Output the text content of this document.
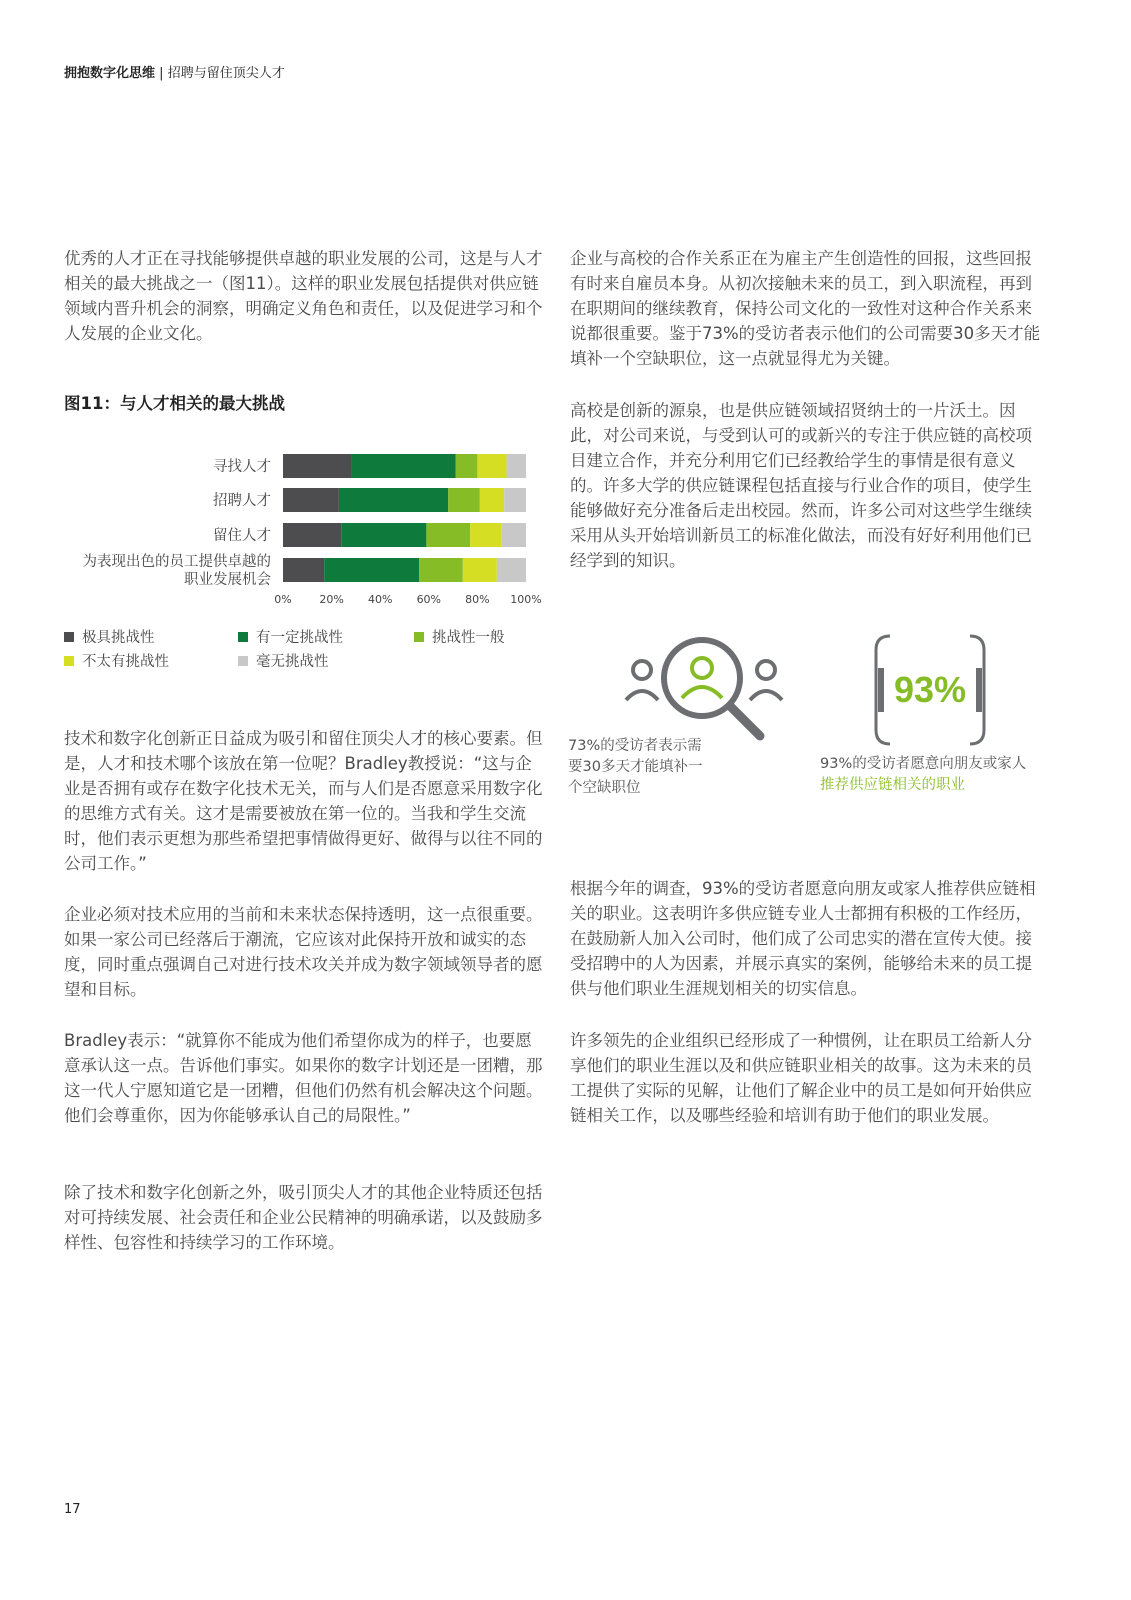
拥抱数字化思维 | 招聘与留住顶尖人才

优秀的人才正在寻找能够提供卓越的职业发展的公司，这是与人才相关的最大挑战之一（图11）。这样的职业发展包括提供对供应链领域内晋升机会的洞察，明确定义角色和责任，以及促进学习和个人发展的企业文化。

技术和数字化创新正日益成为吸引和留住顶尖人才的核心要素。但是，人才和技术哪个该放在第一位呢？Bradley教授说：“这与企业是否拥有或存在数字化技术无关，而与人们是否愿意采用数字化的思维方式有关。这才是需要被放在第一位的。当我和学生交流时，他们表示更想为那些希望把事情做得更好、做得与以往不同的公司工作。”

企业必须对技术应用的当前和未来状态保持透明，这一点很重要。如果一家公司已经落后于潮流，它应该对此保持开放和诚实的态度，同时重点强调自己对进行技术攻关并成为数字领域领导者的愿望和目标。

Bradley表示：“就算你不能成为他们希望你成为的样子，也要愿意承认这一点。告诉他们事实。如果你的数字计划还是一团糟，那这一代人宁愿知道它是一团糟，但他们仍然有机会解决这个问题。他们会尊重你，因为你能够承认自己的局限性。”

除了技术和数字化创新之外，吸引顶尖人才的其他企业特质还包括对可持续发展、社会责任和企业公民精神的明确承诺，以及鼓励多样性、包容性和持续学习的工作环境。

企业与高校的合作关系正在为雇主产生创造性的回报，这些回报有时来自雇员本身。从初次接触未来的员工，到入职流程，再到在职期间的继续教育，保持公司文化的一致性对这种合作关系来说都很重要。鉴于73%的受访者表示他们的公司需要30多天才能填补一个空缺职位，这一点就显得尤为关键。

高校是创新的源泉，也是供应链领域招贤纳士的一片沃土。因此，对公司来说，与受到认可的或新兴的专注于供应链的高校项目建立合作，并充分利用它们已经教给学生的事情是很有意义的。许多大学的供应链课程包括直接与行业合作的项目，使学生能够做好充分准备后走出校园。然而，许多公司对这些学生继续采用从头开始培训新员工的标准化做法，而没有好好利用他们已经学到的知识。

根据今年的调查，93%的受访者愿意向朋友或家人推荐供应链相关的职业。这表明许多供应链专业人士都拥有积极的工作经历，在鼓励新人加入公司时，他们成了公司忠实的潜在宣传大使。接受招聘中的人为因素，并展示真实的案例，能够给未来的员工提供与他们职业生涯规划相关的切实信息。

许多领先的企业组织已经形成了一种惯例，让在职员工给新人分享他们的职业生涯以及和供应链职业相关的故事。这为未来的员工提供了实际的见解，让他们了解企业中的员工是如何开始供应链相关工作，以及哪些经验和培训有助于他们的职业发展。

图11：与人才相关的最大挑战
寻找人才
招聘人才
留住人才
为表现出色的员工提供卓越的
职业发展机会
0%	20% 40% 60% 80% 100%
极具挑战性	有一定挑战性	挑战性一般
不太有挑战性	毫无挑战性
73%的受访者表示需
要30多天才能填补一
个空缺职位
93%
93%的受访者愿意向朋友或家人
推荐供应链相关的职业
17
